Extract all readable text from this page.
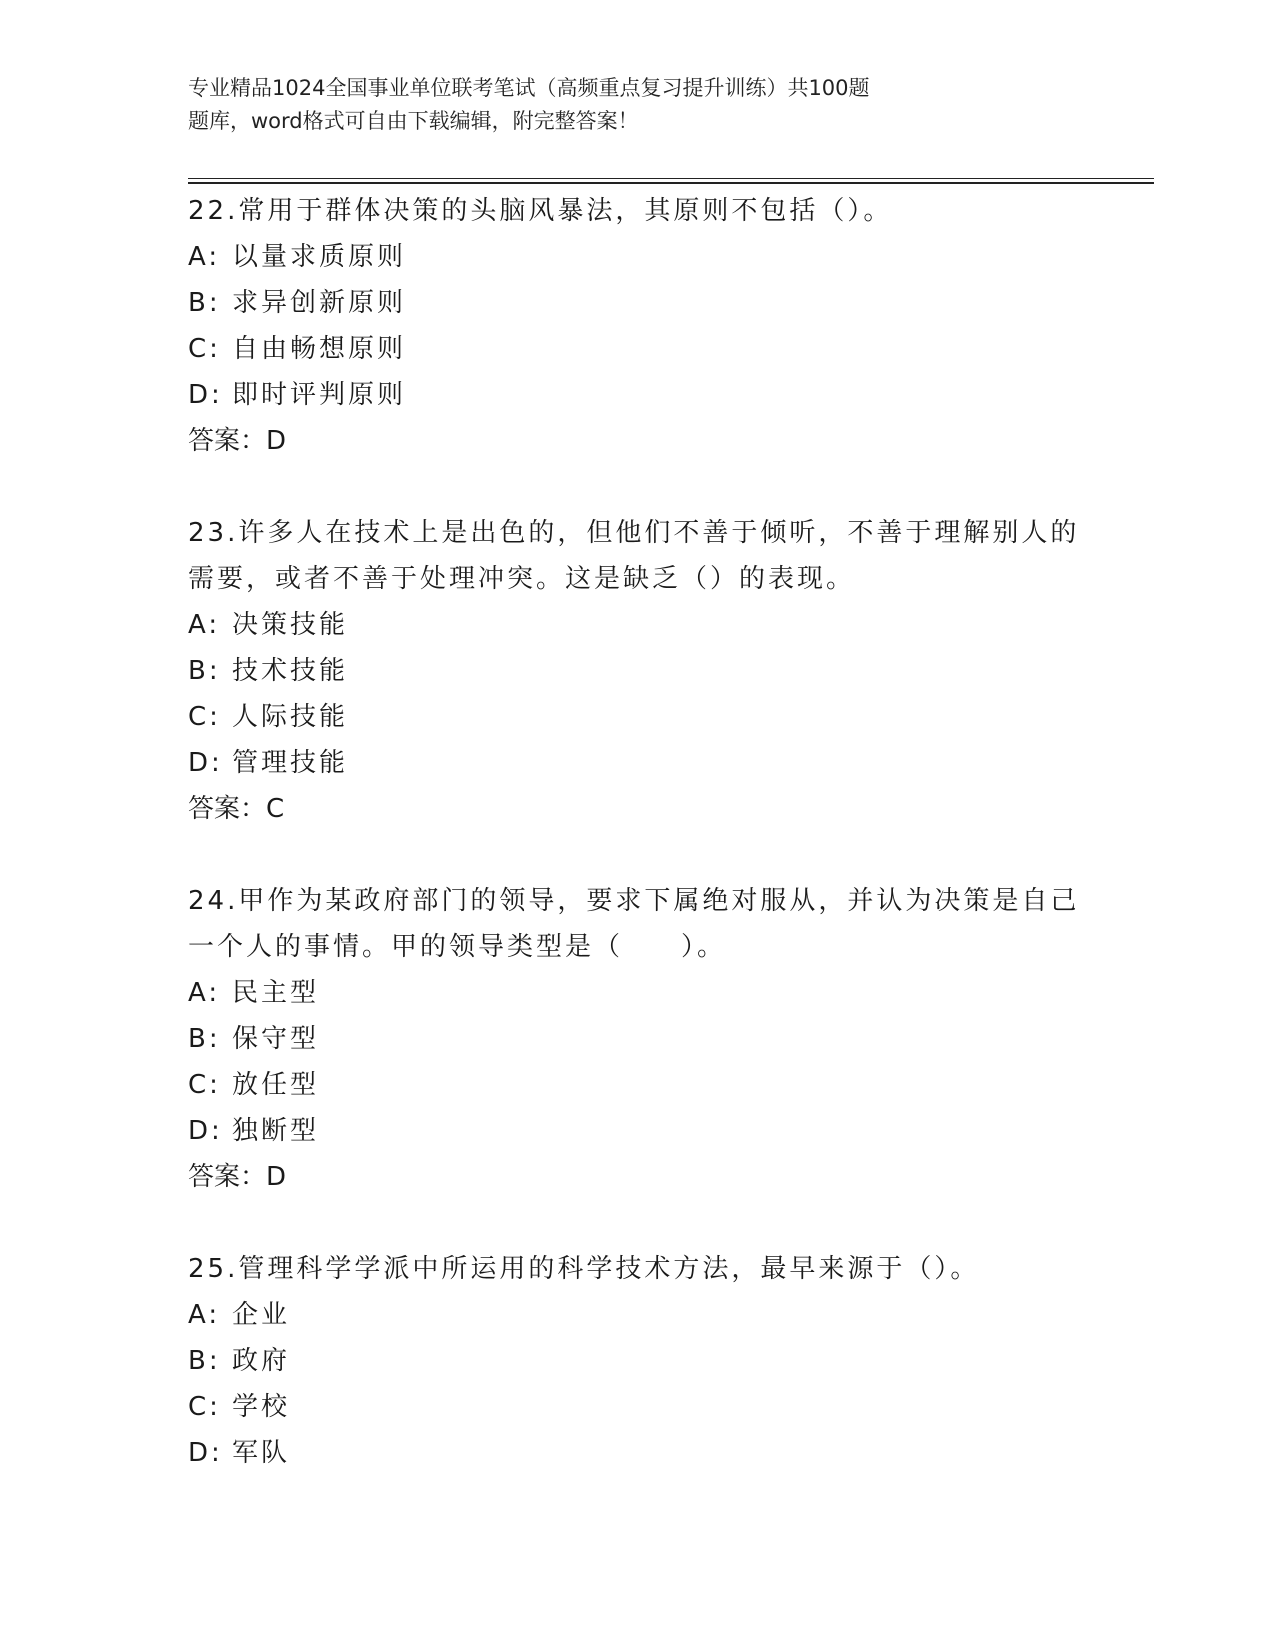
专业精品1024全国事业单位联考笔试（高频重点复习提升训练）共100题
题库，word格式可自由下载编辑，附完整答案！
22.常用于群体决策的头脑风暴法，其原则不包括（）。
A: 以量求质原则
B: 求异创新原则
C: 自由畅想原则
D: 即时评判原则
答案：D
23.许多人在技术上是出色的，但他们不善于倾听，不善于理解别人的需要，或者不善于处理冲突。这是缺乏（）的表现。
A: 决策技能
B: 技术技能
C: 人际技能
D: 管理技能
答案：C
24.甲作为某政府部门的领导，要求下属绝对服从，并认为决策是自己一个人的事情。甲的领导类型是（　　）。
A: 民主型
B: 保守型
C: 放任型
D: 独断型
答案：D
25.管理科学学派中所运用的科学技术方法，最早来源于（）。
A: 企业
B: 政府
C: 学校
D: 军队
